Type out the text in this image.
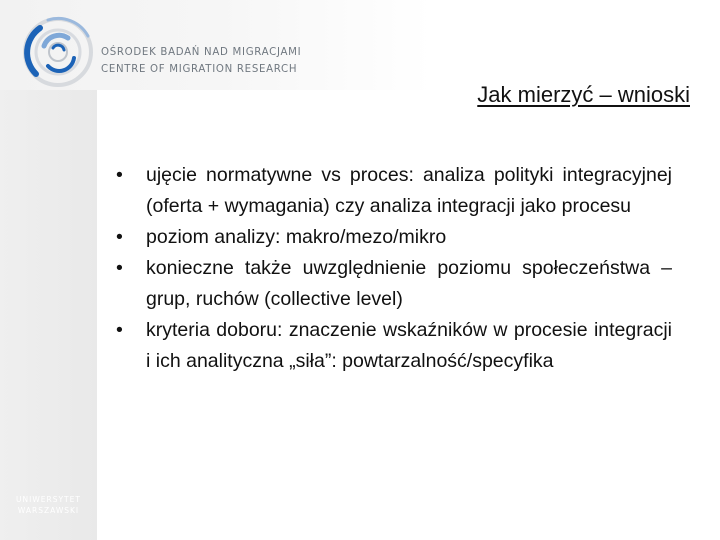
OŚRODEK BADAŃ NAD MIGRACJAMI
CENTRE OF MIGRATION RESEARCH
Jak mierzyć – wnioski
• ujęcie normatywne vs proces: analiza polityki integracyjnej (oferta + wymagania) czy analiza integracji jako procesu
• poziom analizy: makro/mezo/mikro
• konieczne także uwzględnienie poziomu społeczeństwa – grup, ruchów (collective level)
• kryteria doboru: znaczenie wskaźników w procesie integracji i ich analityczna „siła”: powtarzalność/specyfika
UNIWERSYTET
WARSZAWSKI
